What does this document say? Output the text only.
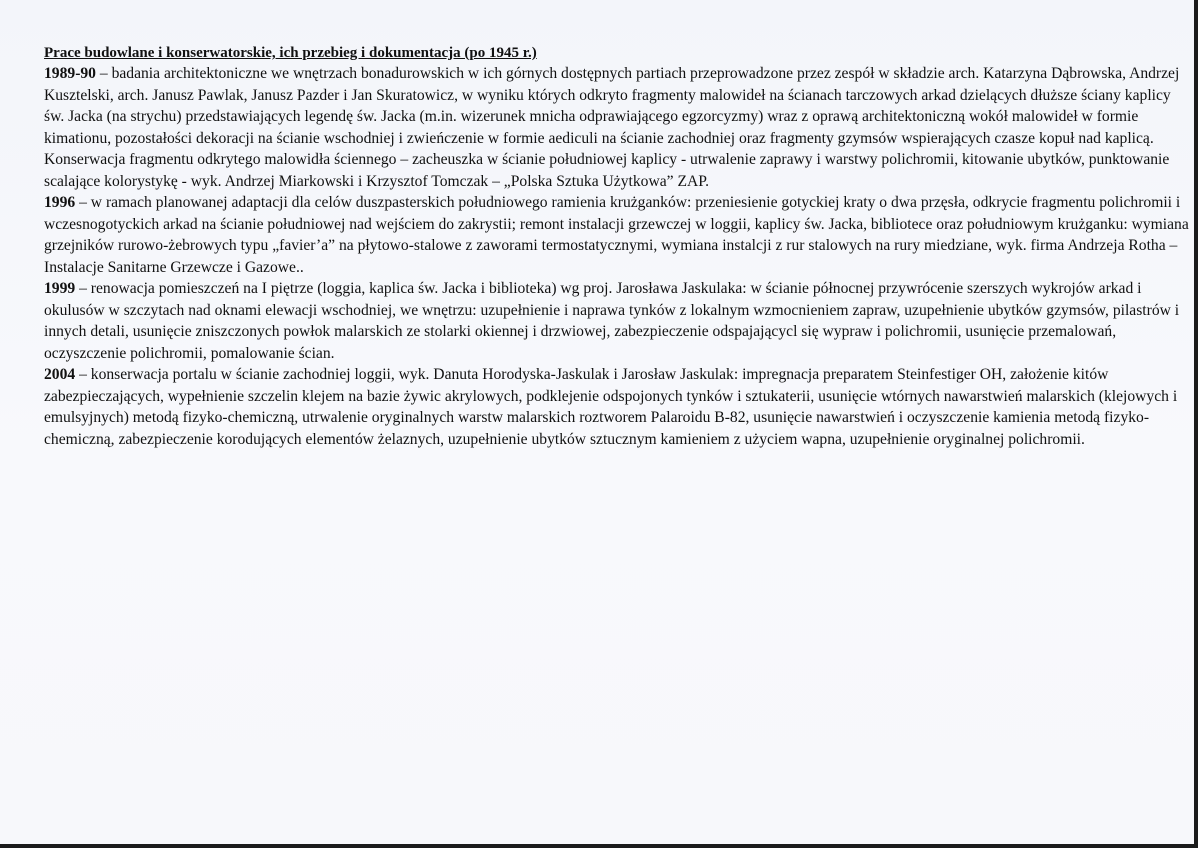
Prace budowlane i konserwatorskie, ich przebieg i dokumentacja (po 1945 r.)

1989-90 – badania architektoniczne we wnętrzach bonadurowskich w ich górnych dostępnych partiach przeprowadzone przez zespół w składzie arch. Katarzyna Dąbrowska, Andrzej Kusztelski, arch. Janusz Pawlak, Janusz Pazder i Jan Skuratowicz, w wyniku których odkryto fragmenty malowideł na ścianach tarczowych arkad dzielących dłuższe ściany kaplicy św. Jacka (na strychu) przedstawiających legendę św. Jacka (m.in. wizerunek mnicha odprawiającego egzorcyzmy) wraz z oprawą architektoniczną wokół malowideł w formie kimationu, pozostałości dekoracji na ścianie wschodniej i zwieńczenie w formie aediculi na ścianie zachodniej oraz fragmenty gzymsów wspierających czasze kopuł nad kaplicą. Konserwacja fragmentu odkrytego malowidła ściennego – zacheuszka w ścianie południowej kaplicy - utrwalenie zaprawy i warstwy polichromii, kitowanie ubytków, punktowanie scalające kolorystykę - wyk. Andrzej Miarkowski i Krzysztof Tomczak – „Polska Sztuka Użytkowa” ZAP.

1996 – w ramach planowanej adaptacji dla celów duszpasterskich południowego ramienia krużganków: przeniesienie gotyckiej kraty o dwa przęsła, odkrycie fragmentu polichromii i wczesnogotyckich arkad na ścianie południowej nad wejściem do zakrystii; remont instalacji grzewczej w loggii, kaplicy św. Jacka, bibliotece oraz południowym krużganku: wymiana grzejników rurowo-żebrowych typu „favier’a” na płytowo-stalowe z zaworami termostatycznymi, wymiana instalcji z rur stalowych na rury miedziane, wyk. firma Andrzeja Rotha – Instalacje Sanitarne Grzewcze i Gazowe..

1999 – renowacja pomieszczeń na I piętrze (loggia, kaplica św. Jacka i biblioteka) wg proj. Jarosława Jaskulaka: w ścianie północnej przywrócenie szerszych wykrojów arkad i okulusów w szczytach nad oknami elewacji wschodniej, we wnętrzu: uzupełnienie i naprawa tynków z lokalnym wzmocnieniem zapraw, uzupełnienie ubytków gzymsów, pilastrów i innych detali, usunięcie zniszczonych powłok malarskich ze stolarki okiennej i drzwiowej, zabezpieczenie odspajającycl się wypraw i polichromii, usunięcie przemalowań, oczyszczenie polichromii, pomalowanie ścian.

2004 – konserwacja portalu w ścianie zachodniej loggii, wyk. Danuta Horodyska-Jaskulak i Jarosław Jaskulak: impregnacja preparatem Steinfestiger OH, założenie kitów zabezpieczających, wypełnienie szczelin klejem na bazie żywic akrylowych, podklejenie odspojonych tynków i sztukaterii, usunięcie wtórnych nawarstwień malarskich (klejowych i emulsyjnych) metodą fizyko-chemiczną, utrwalenie oryginalnych warstw malarskich roztworem Palaroidu B-82, usunięcie nawarstwień i oczyszczenie kamienia metodą fizyko-chemiczną, zabezpieczenie korodujących elementów żelaznych, uzupełnienie ubytków sztucznym kamieniem z użyciem wapna, uzupełnienie oryginalnej polichromii.
